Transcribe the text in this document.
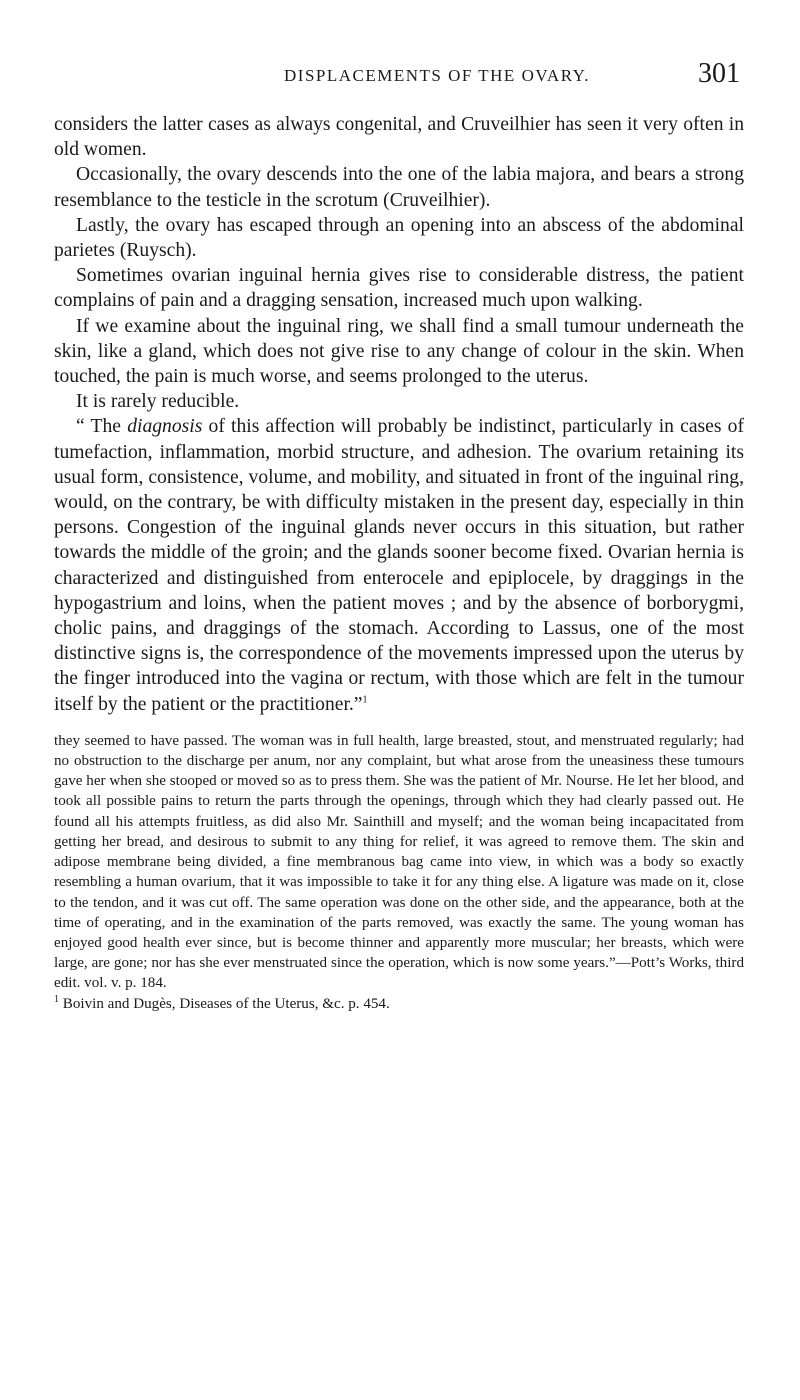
DISPLACEMENTS OF THE OVARY.	301

considers the latter cases as always congenital, and Cruveilhier has seen it very often in old women.

Occasionally, the ovary descends into the one of the labia majora, and bears a strong resemblance to the testicle in the scrotum (Cruveilhier).

Lastly, the ovary has escaped through an opening into an abscess of the abdominal parietes (Ruysch).

Sometimes ovarian inguinal hernia gives rise to considerable distress, the patient complains of pain and a dragging sensation, increased much upon walking.

If we examine about the inguinal ring, we shall find a small tumour underneath the skin, like a gland, which does not give rise to any change of colour in the skin. When touched, the pain is much worse, and seems prolonged to the uterus.

It is rarely reducible.

“ The diagnosis of this affection will probably be indistinct, particularly in cases of tumefaction, inflammation, morbid structure, and adhesion. The ovarium retaining its usual form, consistence, volume, and mobility, and situated in front of the inguinal ring, would, on the contrary, be with difficulty mistaken in the present day, especially in thin persons. Congestion of the inguinal glands never occurs in this situation, but rather towards the middle of the groin; and the glands sooner become fixed. Ovarian hernia is characterized and distinguished from enterocele and epiplocele, by draggings in the hypogastrium and loins, when the patient moves ; and by the absence of borborygmi, cholic pains, and draggings of the stomach. According to Lassus, one of the most distinctive signs is, the correspondence of the movements impressed upon the uterus by the finger introduced into the vagina or rectum, with those which are felt in the tumour itself by the patient or the practitioner.”$^1$

they seemed to have passed. The woman was in full health, large breasted, stout, and menstruated regularly; had no obstruction to the discharge per anum, nor any complaint, but what arose from the uneasiness these tumours gave her when she stooped or moved so as to press them. She was the patient of Mr. Nourse. He let her blood, and took all possible pains to return the parts through the openings, through which they had clearly passed out. He found all his attempts fruitless, as did also Mr. Sainthill and myself; and the woman being incapacitated from getting her bread, and desirous to submit to any thing for relief, it was agreed to remove them. The skin and adipose membrane being divided, a fine membranous bag came into view, in which was a body so exactly resembling a human ovarium, that it was impossible to take it for any thing else. A ligature was made on it, close to the tendon, and it was cut off. The same operation was done on the other side, and the appearance, both at the time of operating, and in the examination of the parts removed, was exactly the same. The young woman has enjoyed good health ever since, but is become thinner and apparently more muscular; her breasts, which were large, are gone; nor has she ever menstruated since the operation, which is now some years.”—Pott’s Works, third edit. vol. v. p. 184.

$^1$ Boivin and Dugès, Diseases of the Uterus, &c. p. 454.
